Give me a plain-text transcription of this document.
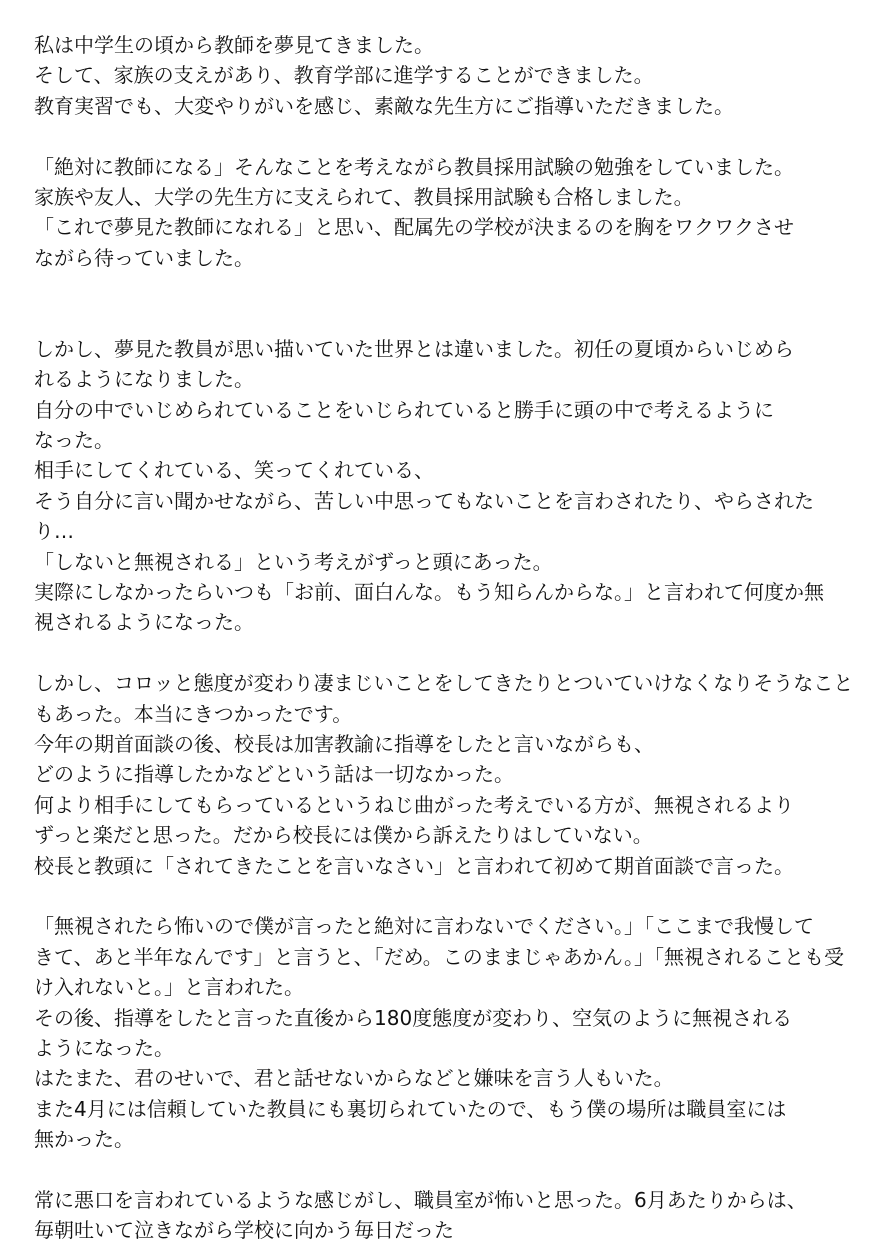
私は中学生の頃から教師を夢見てきました。
そして、家族の支えがあり、教育学部に進学することができました。
教育実習でも、大変やりがいを感じ、素敵な先生方にご指導いただきました。
「絶対に教師になる」そんなことを考えながら教員採用試験の勉強をしていました。
家族や友人、大学の先生方に支えられて、教員採用試験も合格しました。
「これで夢見た教師になれる」と思い、配属先の学校が決まるのを胸をワクワクさせ
ながら待っていました。
しかし、夢見た教員が思い描いていた世界とは違いました。初任の夏頃からいじめら
れるようになりました。
自分の中でいじめられていることをいじられていると勝手に頭の中で考えるように
なった。
相手にしてくれている、笑ってくれている、
そう自分に言い聞かせながら、苦しい中思ってもないことを言わされたり、やらされた
り…
「しないと無視される」という考えがずっと頭にあった。
実際にしなかったらいつも「お前、面白んな。もう知らんからな。」と言われて何度か無
視されるようになった。
しかし、コロッと態度が変わり凄まじいことをしてきたりとついていけなくなりそうなこと
もあった。本当にきつかったです。
今年の期首面談の後、校長は加害教諭に指導をしたと言いながらも、
どのように指導したかなどという話は一切なかった。
何より相手にしてもらっているというねじ曲がった考えでいる方が、無視されるより
ずっと楽だと思った。だから校長には僕から訴えたりはしていない。
校長と教頭に「されてきたことを言いなさい」と言われて初めて期首面談で言った。
「無視されたら怖いので僕が言ったと絶対に言わないでください。」「ここまで我慢して
きて、あと半年なんです」と言うと、「だめ。このままじゃあかん。」「無視されることも受
け入れないと。」と言われた。
その後、指導をしたと言った直後から180度態度が変わり、空気のように無視される
ようになった。
はたまた、君のせいで、君と話せないからなどと嫌味を言う人もいた。
また4月には信頼していた教員にも裏切られていたので、もう僕の場所は職員室には
無かった。
常に悪口を言われているような感じがし、職員室が怖いと思った。6月あたりからは、
毎朝吐いて泣きながら学校に向かう毎日だった
